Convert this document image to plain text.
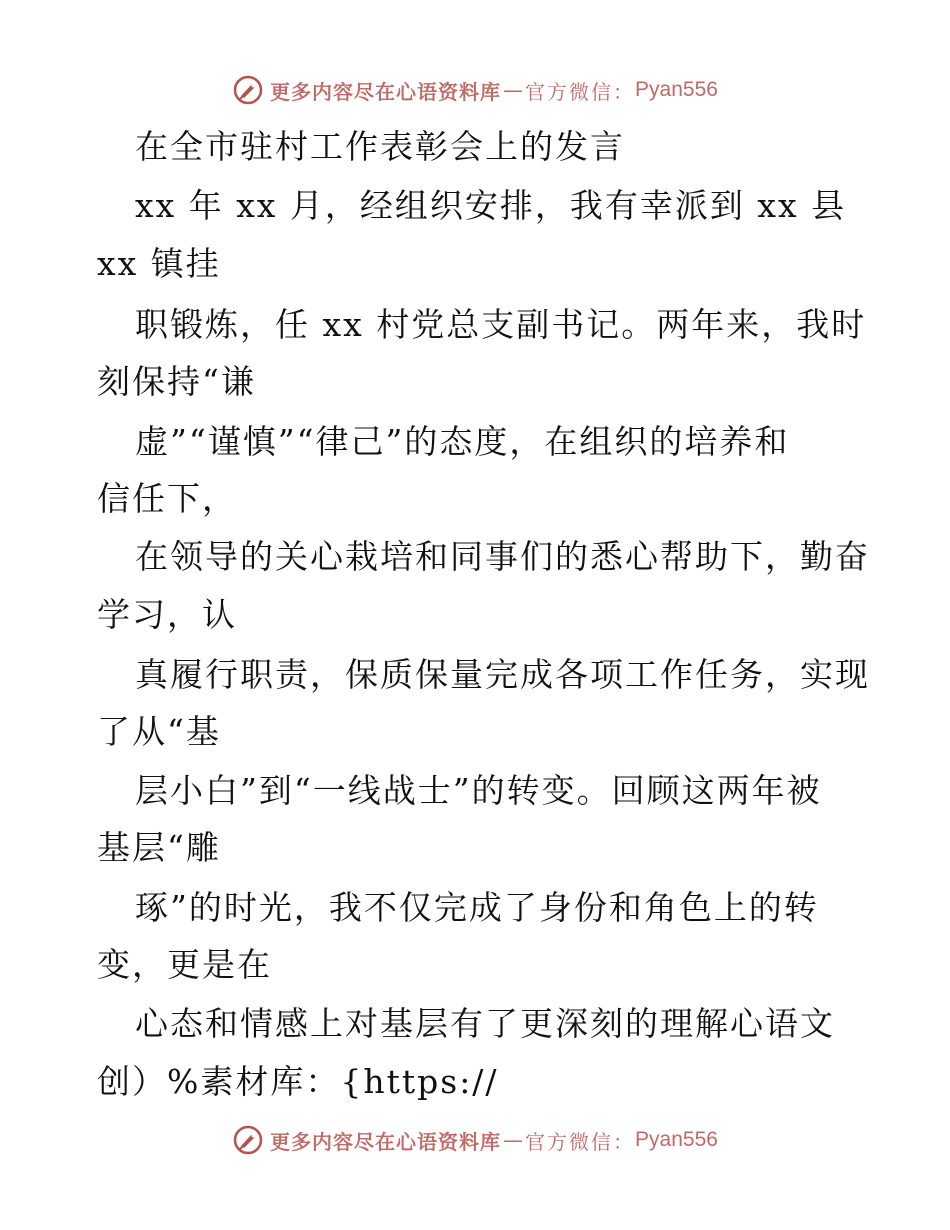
更多内容尽在心语资料库 — 官方微信： Pyan556
在全市驻村工作表彰会上的发言
xx 年 xx 月，经组织安排，我有幸派到 xx 县
xx 镇挂
职锻炼，任 xx 村党总支副书记。两年来，我时
刻保持“谦
虚”“谨慎”“律己”的态度，在组织的培养和
信任下，
在领导的关心栽培和同事们的悉心帮助下，勤奋
学习，认
真履行职责，保质保量完成各项工作任务，实现
了从“基
层小白”到“一线战士”的转变。回顾这两年被
基层“雕
琢”的时光，我不仅完成了身份和角色上的转
变，更是在
心态和情感上对基层有了更深刻的理解心语文
创）%素材库：{https://
更多内容尽在心语资料库 — 官方微信： Pyan556
